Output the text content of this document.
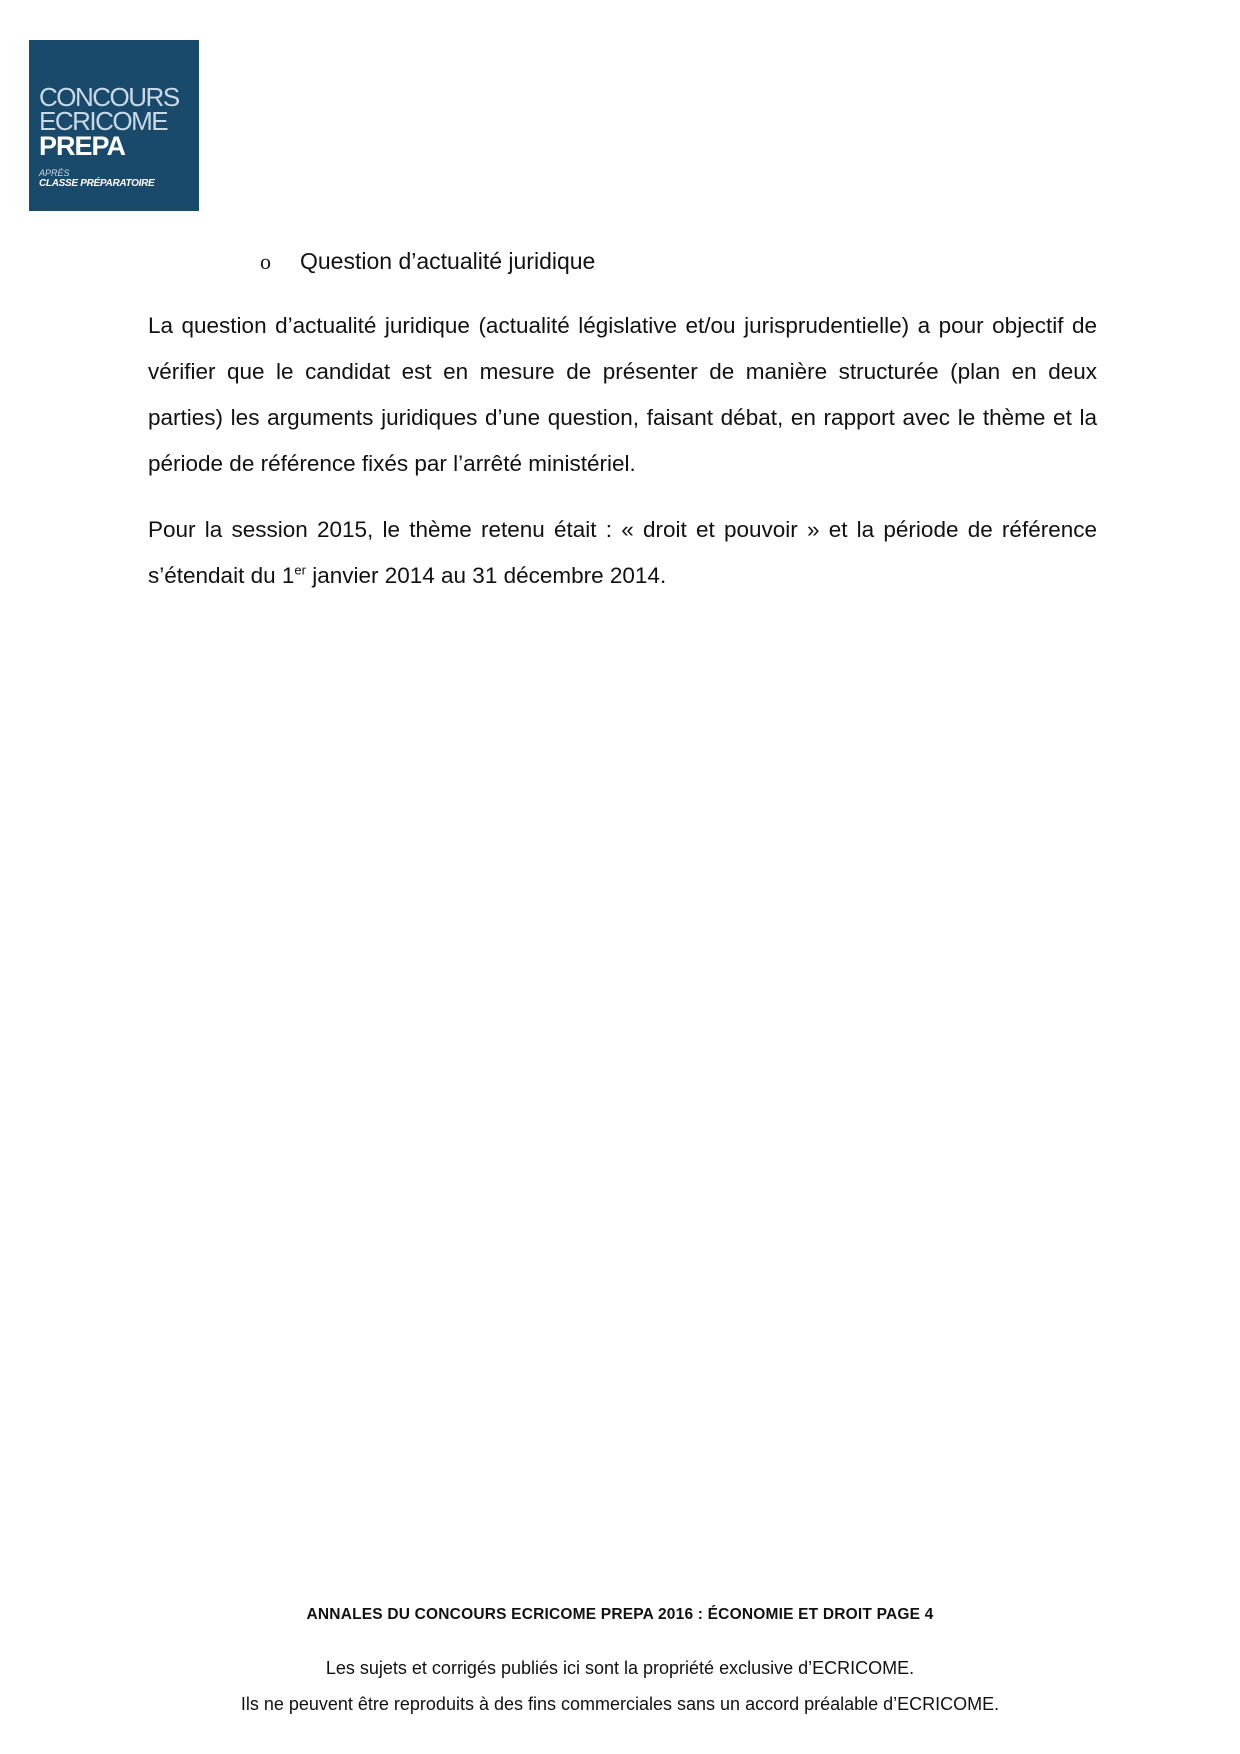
CONCOURS
ECRICOME
PREPA
APRÈS
CLASSE PRÉPARATOIRE
o Question d’actualité juridique

La question d’actualité juridique (actualité législative et/ou jurisprudentielle) a pour objectif de vérifier que le candidat est en mesure de présenter de manière structurée (plan en deux parties) les arguments juridiques d’une question, faisant débat, en rapport avec le thème et la période de référence fixés par l’arrêté ministériel.

Pour la session 2015, le thème retenu était : « droit et pouvoir » et la période de référence s’étendait du 1er janvier 2014 au 31 décembre 2014.

ANNALES DU CONCOURS ECRICOME PREPA 2016 : ÉCONOMIE ET DROIT PAGE 4
Les sujets et corrigés publiés ici sont la propriété exclusive d’ECRICOME.
Ils ne peuvent être reproduits à des fins commerciales sans un accord préalable d’ECRICOME.
